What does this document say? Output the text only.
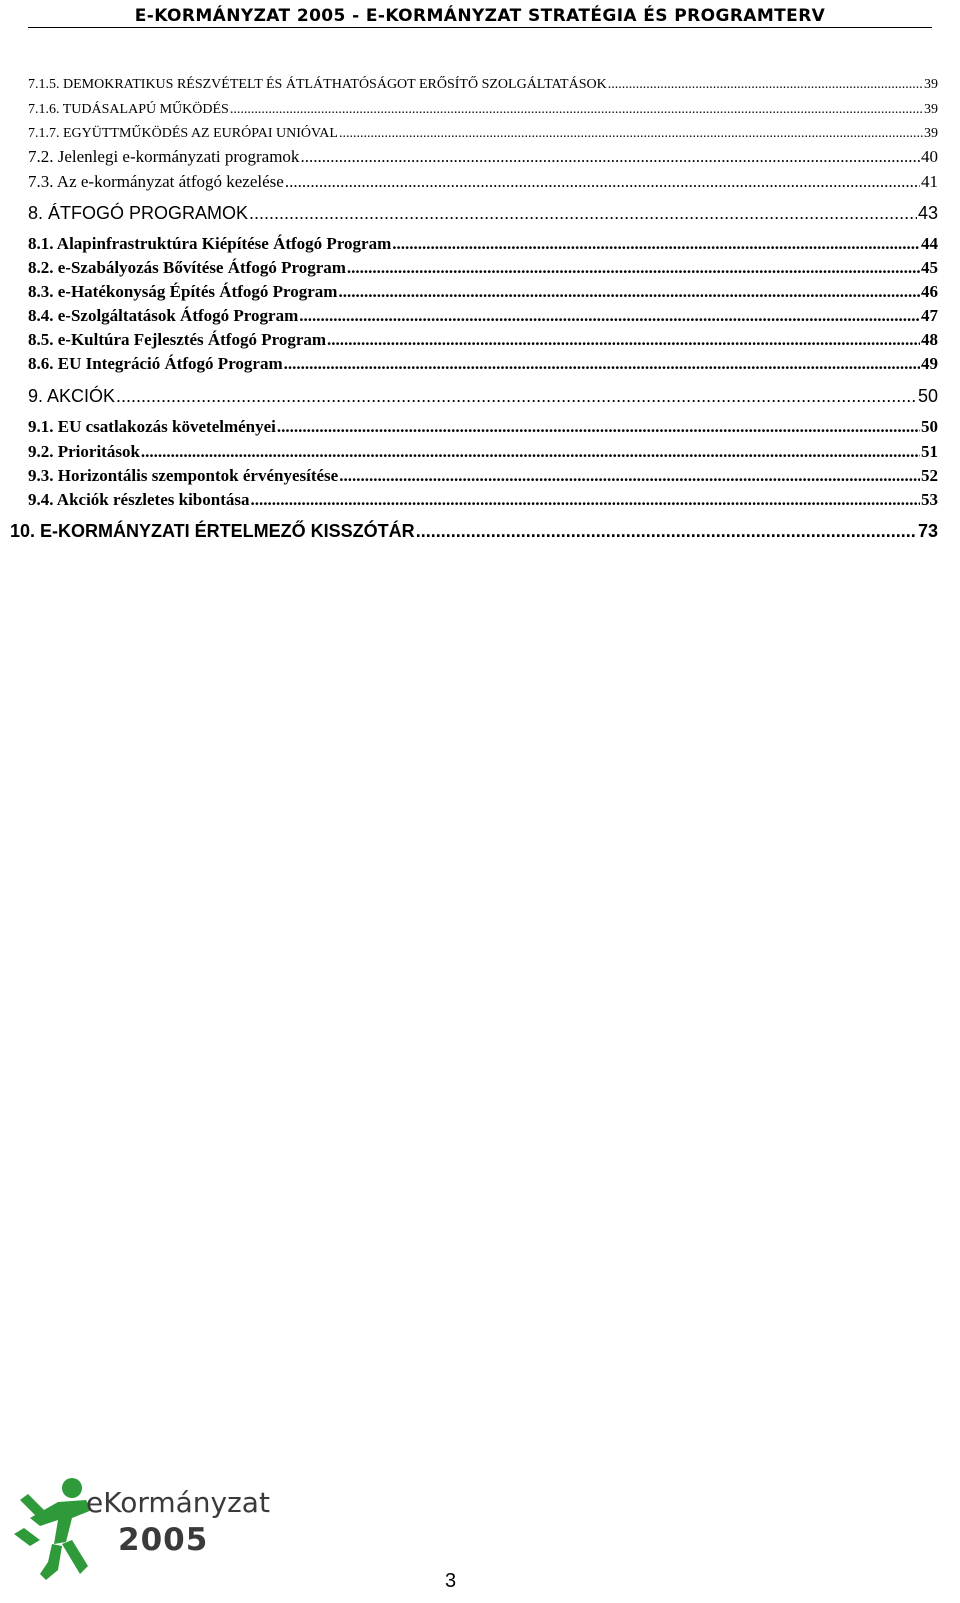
E-KORMÁNYZAT 2005 - E-KORMÁNYZAT STRATÉGIA ÉS PROGRAMTERV
7.1.5. DEMOKRATIKUS RÉSZVÉTELT ÉS ÁTLÁTHATÓSÁGOT ERŐSÍTŐ SZOLGÁLTATÁSOK .....	39
7.1.6. TUDÁSALAPÚ MŰKÖDÉS .....	39
7.1.7. EGYÜTTMŰKÖDÉS AZ EURÓPAI UNIÓVAL .....	39
7.2. Jelenlegi e-kormányzati programok .....	40
7.3. Az e-kormányzat átfogó kezelése .....	41
8. ÁTFOGÓ PROGRAMOK .....	43
8.1. Alapinfrastruktúra Kiépítése Átfogó Program .....	44
8.2. e-Szabályozás Bővítése Átfogó Program .....	45
8.3. e-Hatékonyság Építés Átfogó Program .....	46
8.4. e-Szolgáltatások Átfogó Program .....	47
8.5. e-Kultúra Fejlesztés Átfogó Program .....	48
8.6. EU Integráció Átfogó Program .....	49
9. AKCIÓK .....	50
9.1. EU csatlakozás követelményei .....	50
9.2. Prioritások .....	51
9.3. Horizontális szempontok érvényesítése .....	52
9.4. Akciók részletes kibontása .....	53
10. E-KORMÁNYZATI ÉRTELMEZŐ KISSZÓTÁR .....	73
eKormányzat
2005
3
